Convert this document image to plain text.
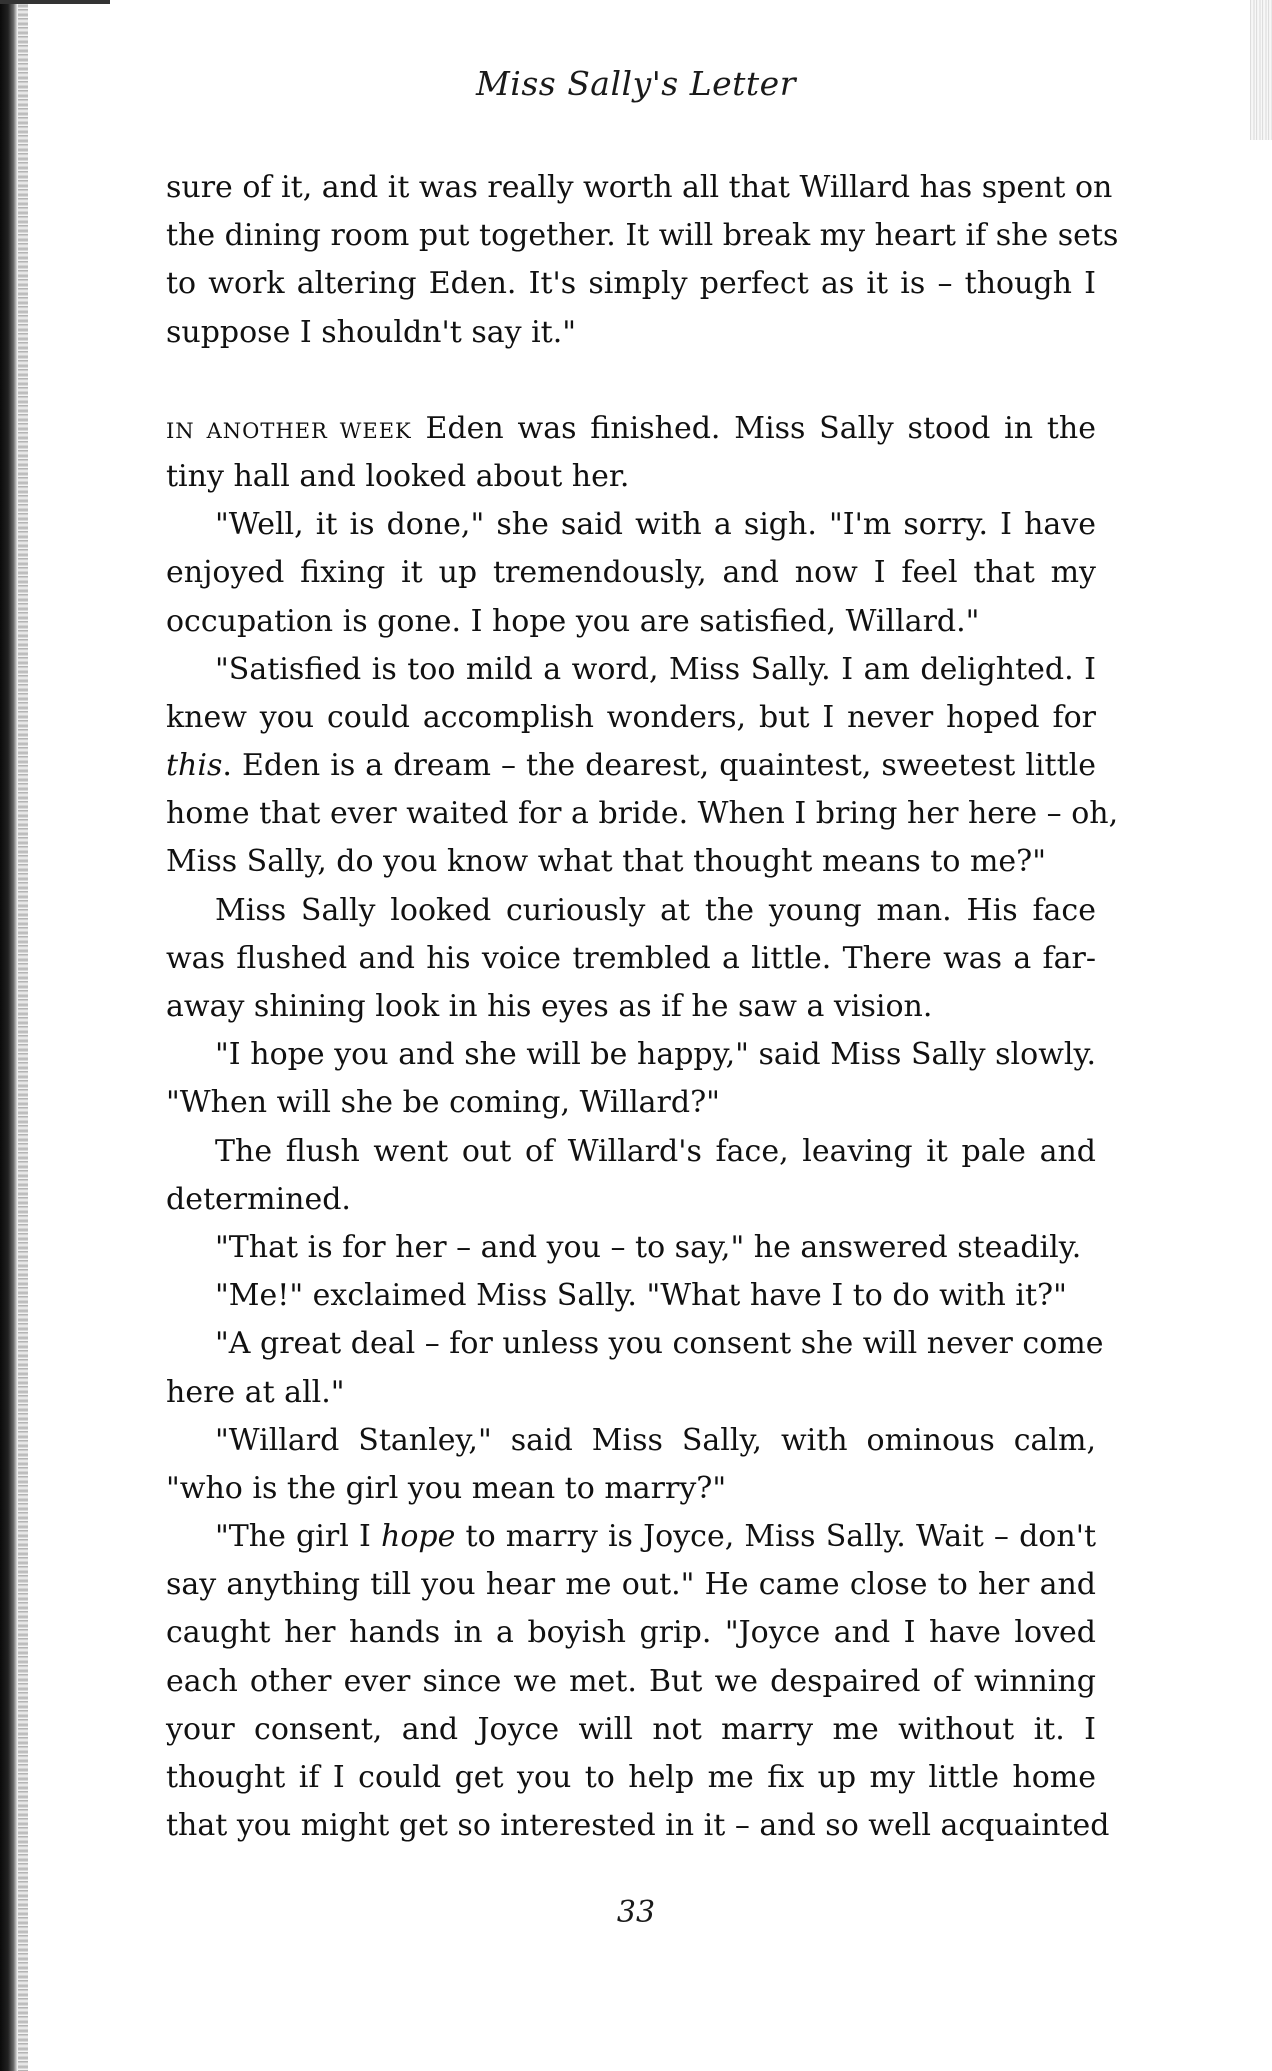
Miss Sally's Letter
sure of it, and it was really worth all that Willard has spent on
the dining room put together. It will break my heart if she sets
to work altering Eden. It's simply perfect as it is – though I
suppose I shouldn't say it."
IN ANOTHER WEEK Eden was finished. Miss Sally stood in the
tiny hall and looked about her.
"Well, it is done," she said with a sigh. "I'm sorry. I have
enjoyed fixing it up tremendously, and now I feel that my
occupation is gone. I hope you are satisfied, Willard."
"Satisfied is too mild a word, Miss Sally. I am delighted. I
knew you could accomplish wonders, but I never hoped for
this. Eden is a dream – the dearest, quaintest, sweetest little
home that ever waited for a bride. When I bring her here – oh,
Miss Sally, do you know what that thought means to me?"
Miss Sally looked curiously at the young man. His face
was flushed and his voice trembled a little. There was a far-
away shining look in his eyes as if he saw a vision.
"I hope you and she will be happy," said Miss Sally slowly.
"When will she be coming, Willard?"
The flush went out of Willard's face, leaving it pale and
determined.
"That is for her – and you – to say," he answered steadily.
"Me!" exclaimed Miss Sally. "What have I to do with it?"
"A great deal – for unless you consent she will never come
here at all."
"Willard Stanley," said Miss Sally, with ominous calm,
"who is the girl you mean to marry?"
"The girl I hope to marry is Joyce, Miss Sally. Wait – don't
say anything till you hear me out." He came close to her and
caught her hands in a boyish grip. "Joyce and I have loved
each other ever since we met. But we despaired of winning
your consent, and Joyce will not marry me without it. I
thought if I could get you to help me fix up my little home
that you might get so interested in it – and so well acquainted
33
